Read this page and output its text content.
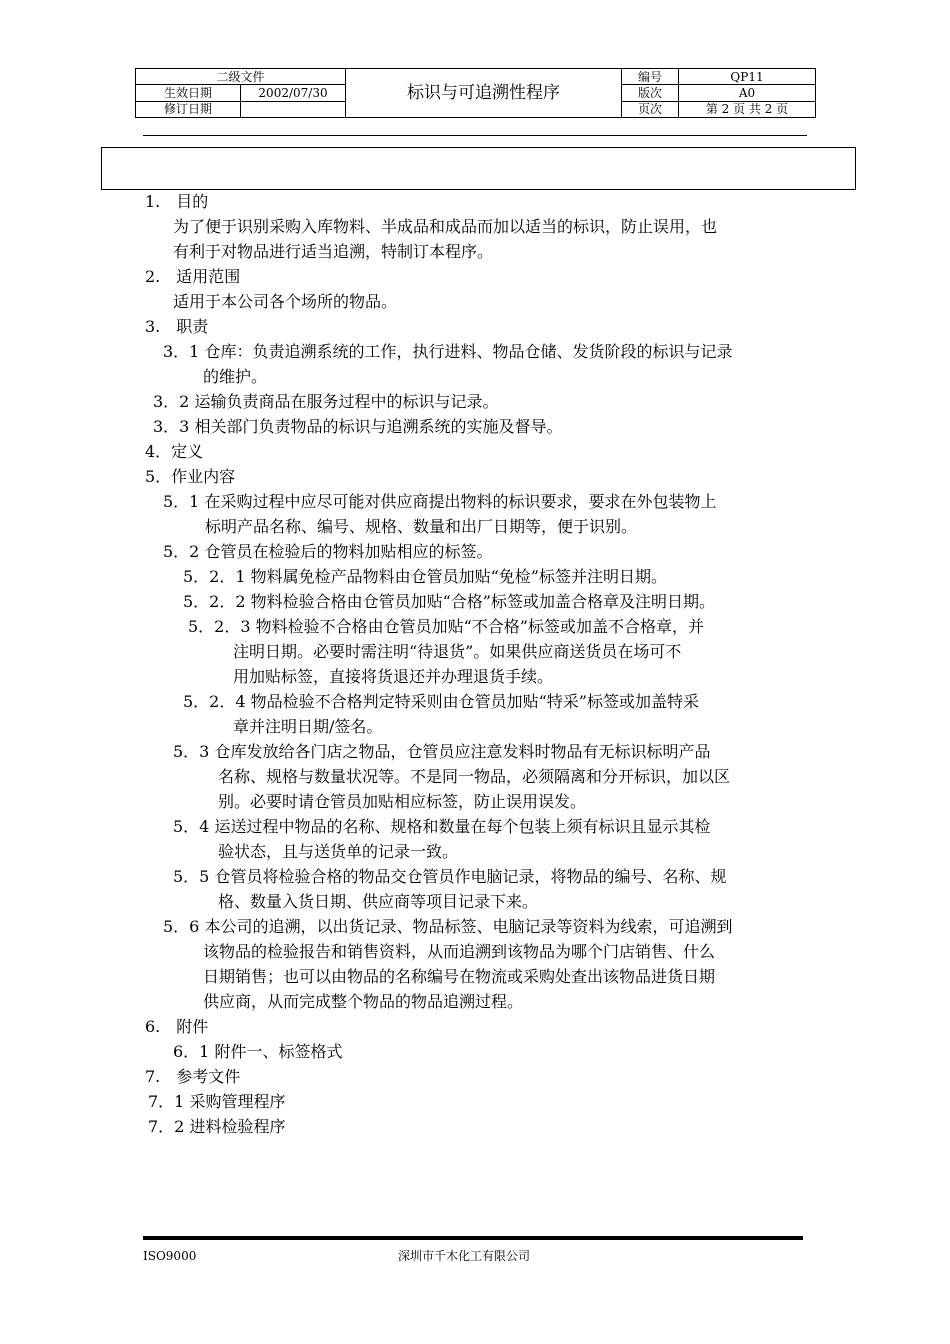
二级文件		标识与可追溯性程序	编号	QP11
生效日期	2002/07/30		版次	A0
修订日期			页次	第 2 页 共 2 页
1.　目的
为了便于识别采购入库物料、半成品和成品而加以适当的标识，防止误用，也
有利于对物品进行适当追溯，特制订本程序。
2.　适用范围
适用于本公司各个场所的物品。
3.　职责
3．1 仓库：负责追溯系统的工作，执行进料、物品仓储、发货阶段的标识与记录
的维护。
3．2 运输负责商品在服务过程中的标识与记录。
3．3 相关部门负责物品的标识与追溯系统的实施及督导。
4．定义
5．作业内容
5．1 在采购过程中应尽可能对供应商提出物料的标识要求，要求在外包装物上
标明产品名称、编号、规格、数量和出厂日期等，便于识别。
5．2 仓管员在检验后的物料加贴相应的标签。
5．2．1 物料属免检产品物料由仓管员加贴“免检”标签并注明日期。
5．2．2 物料检验合格由仓管员加贴“合格”标签或加盖合格章及注明日期。
5．2．3 物料检验不合格由仓管员加贴“不合格”标签或加盖不合格章，并
注明日期。必要时需注明“待退货”。如果供应商送货员在场可不
用加贴标签，直接将货退还并办理退货手续。
5．2．4 物品检验不合格判定特采则由仓管员加贴“特采”标签或加盖特采
章并注明日期/签名。
5．3 仓库发放给各门店之物品，仓管员应注意发料时物品有无标识标明产品
名称、规格与数量状况等。不是同一物品，必须隔离和分开标识，加以区
别。必要时请仓管员加贴相应标签，防止误用误发。
5．4 运送过程中物品的名称、规格和数量在每个包装上须有标识且显示其检
验状态，且与送货单的记录一致。
5．5 仓管员将检验合格的物品交仓管员作电脑记录，将物品的编号、名称、规
格、数量入货日期、供应商等项目记录下来。
5．6 本公司的追溯，以出货记录、物品标签、电脑记录等资料为线索，可追溯到
该物品的检验报告和销售资料，从而追溯到该物品为哪个门店销售、什么
日期销售；也可以由物品的名称编号在物流或采购处查出该物品进货日期
供应商，从而完成整个物品的物品追溯过程。
6.　附件
6．1 附件一、标签格式
7.　参考文件
7．1 采购管理程序
7．2 进料检验程序
ISO9000	深圳市千木化工有限公司
